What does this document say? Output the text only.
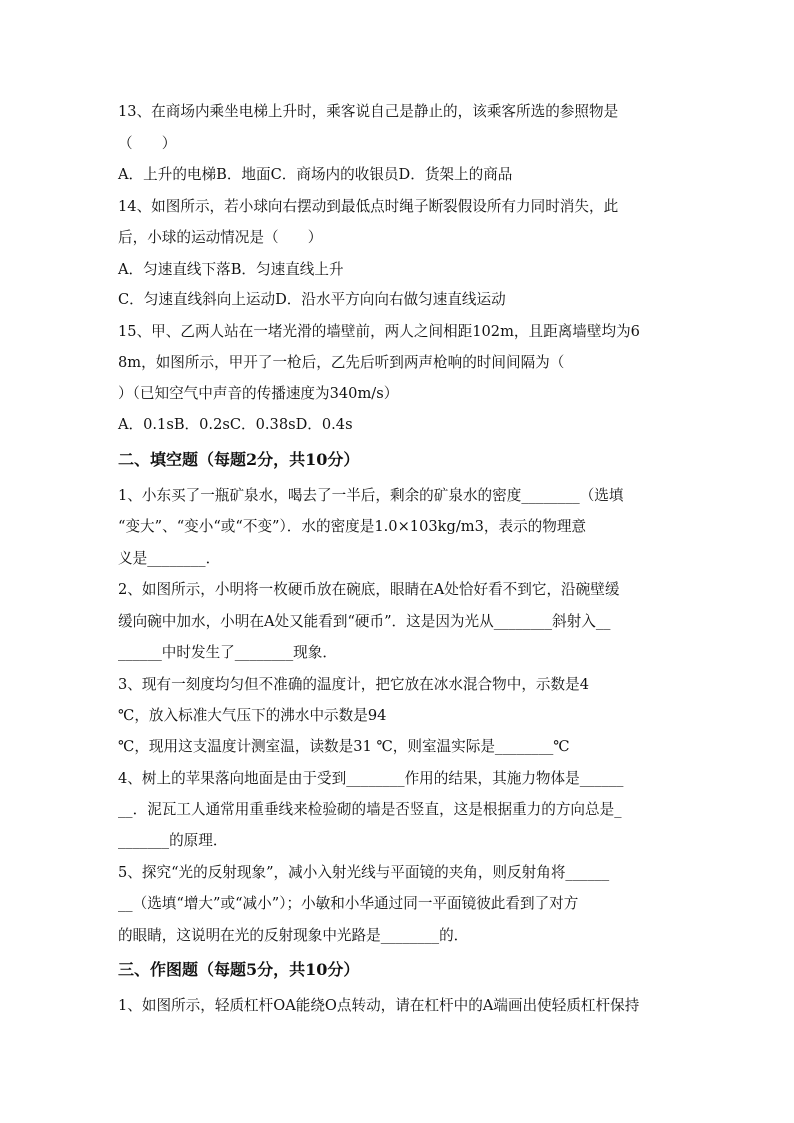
13、在商场内乘坐电梯上升时，乘客说自己是静止的，该乘客所选的参照物是
（　　）
A．上升的电梯B．地面C．商场内的收银员D．货架上的商品
14、如图所示，若小球向右摆动到最低点时绳子断裂假设所有力同时消失，此
后，小球的运动情况是（　　）
A．匀速直线下落B．匀速直线上升
C．匀速直线斜向上运动D．沿水平方向向右做匀速直线运动
15、甲、乙两人站在一堵光滑的墙壁前，两人之间相距102m，且距离墙壁均为6
8m，如图所示，甲开了一枪后，乙先后听到两声枪响的时间间隔为（
）（已知空气中声音的传播速度为340m/s）
A．0.1sB．0.2sC．0.38sD．0.4s
二、填空题（每题2分，共10分）
1、小东买了一瓶矿泉水，喝去了一半后，剩余的矿泉水的密度________（选填
“变大”、“变小“或“不变”）．水的密度是1.0×103kg/m3，表示的物理意
义是________．
2、如图所示，小明将一枚硬币放在碗底，眼睛在A处恰好看不到它，沿碗壁缓
缓向碗中加水，小明在A处又能看到“硬币”．这是因为光从________斜射入__
______中时发生了________现象．
3、现有一刻度均匀但不准确的温度计，把它放在冰水混合物中，示数是4
℃，放入标准大气压下的沸水中示数是94
℃，现用这支温度计测室温，读数是31 ℃，则室温实际是________℃
4、树上的苹果落向地面是由于受到________作用的结果，其施力物体是______
__．泥瓦工人通常用重垂线来检验砌的墙是否竖直，这是根据重力的方向总是_
_______的原理．
5、探究“光的反射现象”，减小入射光线与平面镜的夹角，则反射角将______
__（选填“增大”或“减小”）；小敏和小华通过同一平面镜彼此看到了对方
的眼睛，这说明在光的反射现象中光路是________的．
三、作图题（每题5分，共10分）
1、如图所示，轻质杠杆OA能绕O点转动，请在杠杆中的A端画出使轻质杠杆保持
